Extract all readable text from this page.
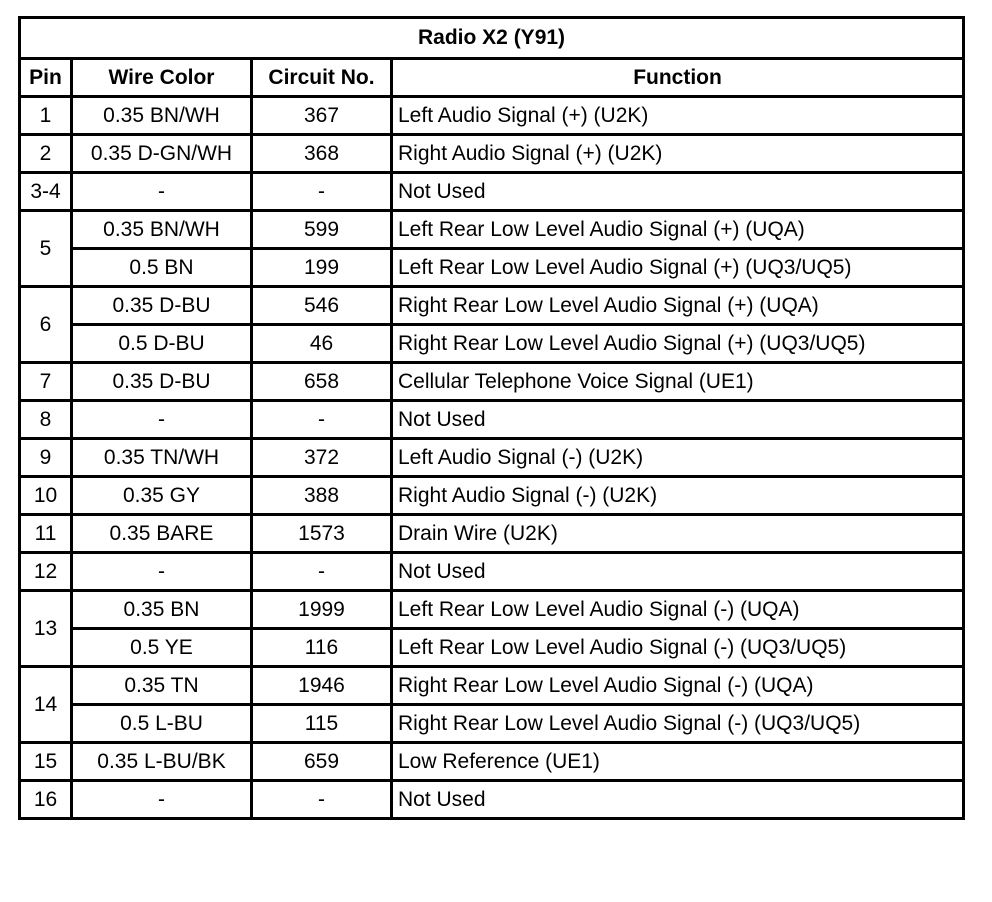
Radio X2 (Y91)			
Pin	Wire Color	Circuit No.	Function
1	0.35 BN/WH	367	Left Audio Signal (+) (U2K)
2	0.35 D-GN/WH	368	Right Audio Signal (+) (U2K)
3-4	-	-	Not Used
5	0.35 BN/WH	599	Left Rear Low Level Audio Signal (+) (UQA)
	0.5 BN	199	Left Rear Low Level Audio Signal (+) (UQ3/UQ5)
6	0.35 D-BU	546	Right Rear Low Level Audio Signal (+) (UQA)
	0.5 D-BU	46	Right Rear Low Level Audio Signal (+) (UQ3/UQ5)
7	0.35 D-BU	658	Cellular Telephone Voice Signal (UE1)
8	-	-	Not Used
9	0.35 TN/WH	372	Left Audio Signal (-) (U2K)
10	0.35 GY	388	Right Audio Signal (-) (U2K)
11	0.35 BARE	1573	Drain Wire (U2K)
12	-	-	Not Used
13	0.35 BN	1999	Left Rear Low Level Audio Signal (-) (UQA)
	0.5 YE	116	Left Rear Low Level Audio Signal (-) (UQ3/UQ5)
14	0.35 TN	1946	Right Rear Low Level Audio Signal (-) (UQA)
	0.5 L-BU	115	Right Rear Low Level Audio Signal (-) (UQ3/UQ5)
15	0.35 L-BU/BK	659	Low Reference (UE1)
16	-	-	Not Used
